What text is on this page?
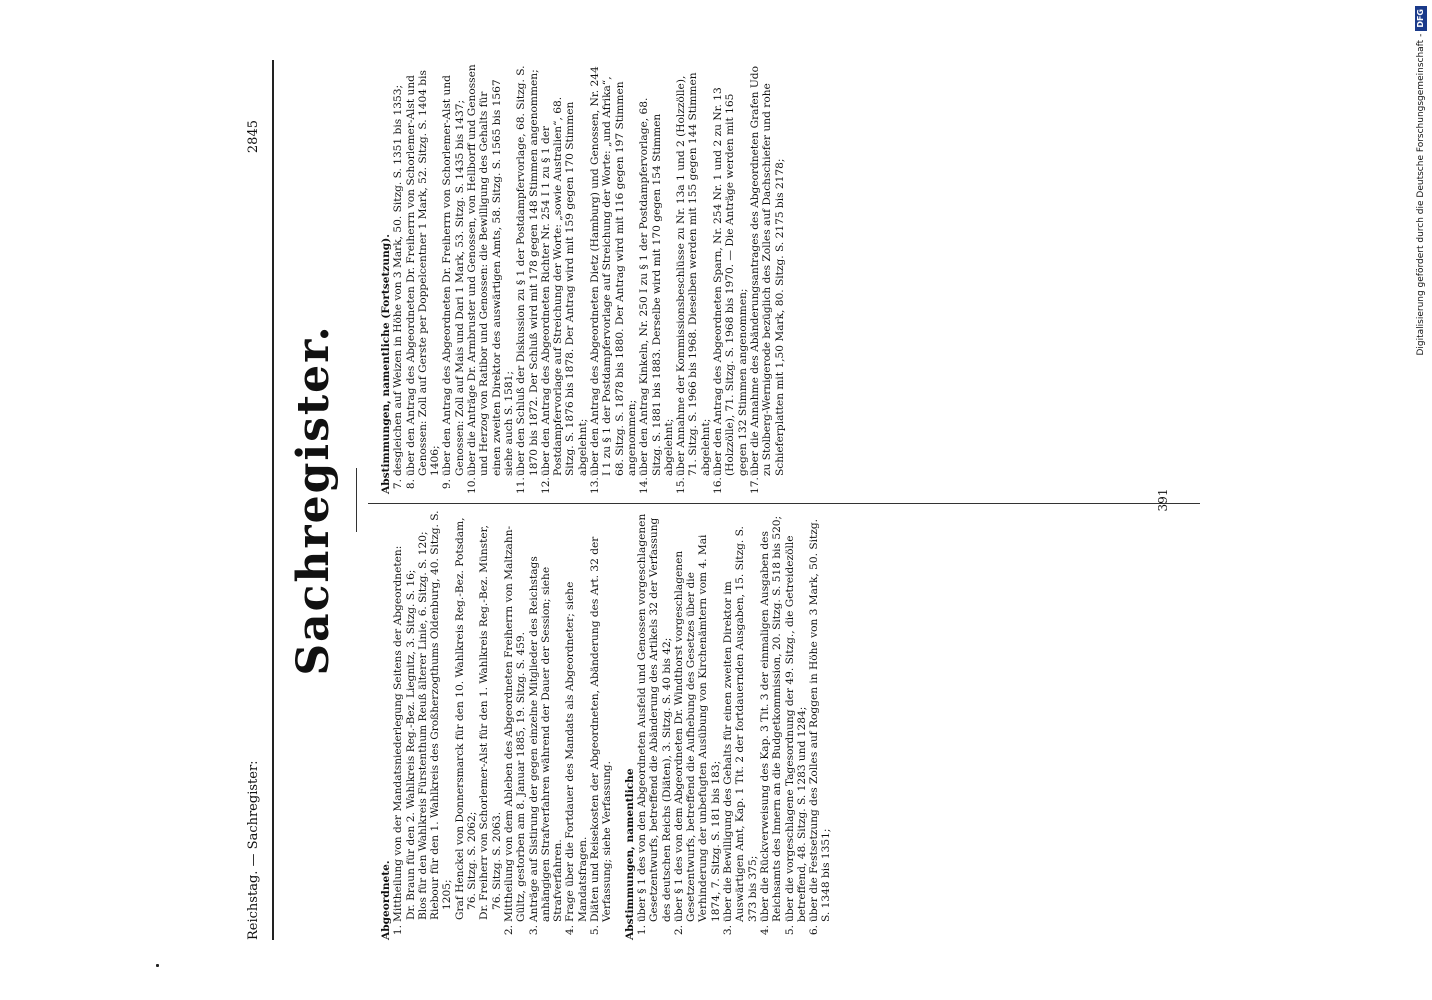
Reichstag. — Sachregister:
2845
Sachregister.
Abgeordnete. 1.
Mittheilung von der Mandatsniederlegung Seitens der Abgeordneten: Dr. Braun für den 2. Wahlkreis Reg.-Bez. Liegnitz, 3. Sitzg. S. 16; Blos für den Wahlkreis Fürstenthum Reuß älterer Linie, 6. Sitzg. S. 120; Riebour für den 1. Wahlkreis des Großherzogthums Oldenburg, 40. Sitzg. S. 1205; Graf Henckel von Donnersmarck für den 10. Wahlkreis Reg.-Bez. Potsdam, 76. Sitzg. S. 2062; Dr. Freiherr von Schorlemer-Alst für den 1. Wahlkreis Reg.-Bez. Münster, 76. Sitzg. S. 2063.
2.
Mittheilung von dem Ableben des Abgeordneten Freiherrn von Maltzahn-Gültz, gestorben am 8. Januar 1885, 19. Sitzg. S. 459.
3.
Anträge auf Sistirung der gegen einzelne Mitglieder des Reichstags anhängigen Strafverfahren während der Dauer der Session; siehe Strafverfahren.
4.
Frage über die Fortdauer des Mandats als Abgeordneter; siehe Mandatsfragen.
5.
Diäten und Reisekosten der Abgeordneten, Abänderung des Art. 32 der Verfassung; siehe Verfassung. Abstimmungen, namentliche 1.
über § 1 des von den Abgeordneten Ausfeld und Genossen vorgeschlagenen Gesetzentwurfs, betreffend die Abänderung des Artikels 32 der Verfassung des deutschen Reichs (Diäten), 3. Sitzg. S. 40 bis 42;
2.
über § 1 des von dem Abgeordneten Dr. Windthorst vorgeschlagenen Gesetzentwurfs, betreffend die Aufhebung des Gesetzes über die Verhinderung der unbefugten Ausübung von Kirchenämtern vom 4. Mai 1874, 7. Sitzg. S. 181 bis 183;
3.
über die Bewilligung des Gehalts für einen zweiten Direktor im Auswärtigen Amt, Kap. 1 Tit. 2 der fortdauernden Ausgaben, 15. Sitzg. S. 373 bis 375;
4.
über die Rückverweisung des Kap. 3 Tit. 3 der einmaligen Ausgaben des Reichsamts des Innern an die Budgetkommission, 20. Sitzg. S. 518 bis 520;
5.
über die vorgeschlagene Tagesordnung der 49. Sitzg., die Getreidezölle betreffend, 48. Sitzg. S. 1283 und 1284;
6.
über die Festsetzung des Zolles auf Roggen in Höhe von 3 Mark, 50. Sitzg. S. 1348 bis 1351;
Abstimmungen, namentliche (Fortsetzung). 7.
desgleichen auf Weizen in Höhe von 3 Mark, 50. Sitzg. S. 1351 bis 1353;
8.
über den Antrag des Abgeordneten Dr. Freiherrn von Schorlemer-Alst und Genossen: Zoll auf Gerste per Doppelcentner 1 Mark, 52. Sitzg. S. 1404 bis 1406;
9.
über den Antrag des Abgeordneten Dr. Freiherrn von Schorlemer-Alst und Genossen: Zoll auf Mais und Dari 1 Mark, 53. Sitzg. S. 1435 bis 1437;
10.
über die Anträge Dr. Armbruster und Genossen, von Hellborff und Genossen und Herzog von Ratibor und Genossen: die Bewilligung des Gehalts für einen zweiten Direktor des auswärtigen Amts, 58. Sitzg. S. 1565 bis 1567 siehe auch S. 1581;
11.
über den Schluß der Diskussion zu § 1 der Postdampfervorlage, 68. Sitzg. S. 1870 bis 1872. Der Schluß wird mit 178 gegen 148 Stimmen angenommen;
12.
über den Antrag des Abgeordneten Richter Nr. 254 I 1 zu § 1 der Postdampfervorlage auf Streichung der Worte: „sowie Australien“, 68. Sitzg. S. 1876 bis 1878. Der Antrag wird mit 159 gegen 170 Stimmen abgelehnt;
13.
über den Antrag des Abgeordneten Dietz (Hamburg) und Genossen, Nr. 244 I 1 zu § 1 der Postdampfervorlage auf Streichung der Worte: „und Afrika“, 68. Sitzg. S. 1878 bis 1880. Der Antrag wird mit 116 gegen 197 Stimmen angenommen;
14.
über den Antrag Kinkeln, Nr. 250 I zu § 1 der Postdampfervorlage, 68. Sitzg. S. 1881 bis 1883. Derselbe wird mit 170 gegen 154 Stimmen abgelehnt;
15.
über Annahme der Kommissionsbeschlüsse zu Nr. 13a 1 und 2 (Holzzölle), 71. Sitzg. S. 1966 bis 1968. Dieselben werden mit 155 gegen 144 Stimmen abgelehnt;
16.
über den Antrag des Abgeordneten Sparn, Nr. 254 Nr. 1 und 2 zu Nr. 13 (Holzzölle), 71. Sitzg. S. 1968 bis 1970. — Die Anträge werden mit 165 gegen 132 Stimmen angenommen;
17.
über die Annahme des Abänderungsantrages des Abgeordneten Grafen Udo zu Stolberg-Wernigerode bezüglich des Zolles auf Dachschiefer und rohe Schieferplatten mit 1,50 Mark, 80. Sitzg. S. 2175 bis 2178;
391
Digitalisierung gefördert durch die Deutsche Forschungsgemeinschaft -DFG
